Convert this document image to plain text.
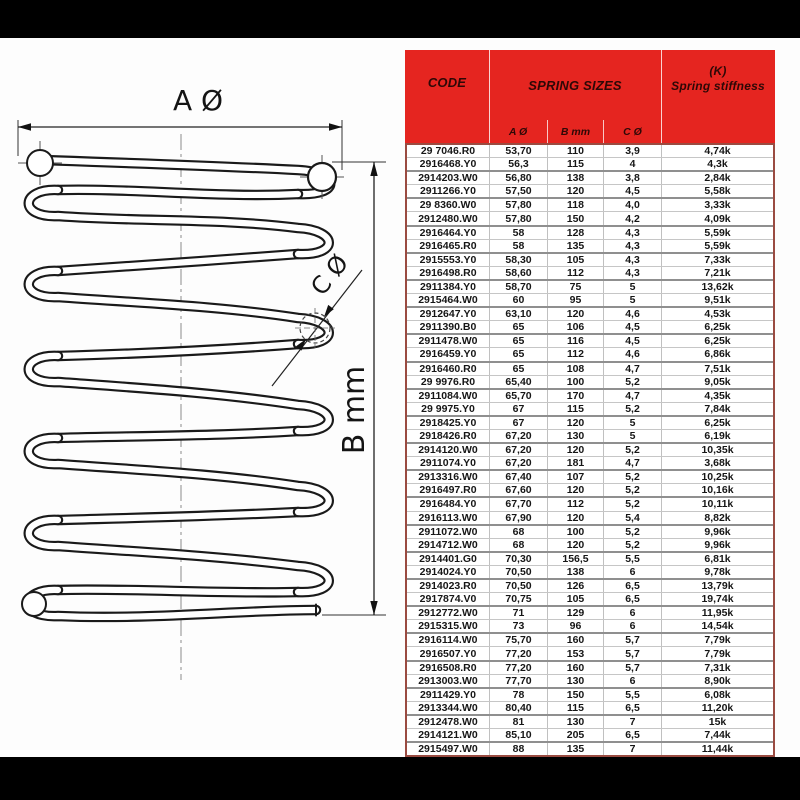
A Ø
C Ø
B mm
CODE	SPRING SIZES
(K)
Spring stiffness
A Ø	B mm	C Ø
29 7046.R0	53,70	110	3,9	4,74k
2916468.Y0	56,3	115	4	4,3k
2914203.W0	56,80	138	3,8	2,84k
2911266.Y0	57,50	120	4,5	5,58k
29 8360.W0	57,80	118	4,0	3,33k
2912480.W0	57,80	150	4,2	4,09k
2916464.Y0	58	128	4,3	5,59k
2916465.R0	58	135	4,3	5,59k
2915553.Y0	58,30	105	4,3	7,33k
2916498.R0	58,60	112	4,3	7,21k
2911384.Y0	58,70	75	5	13,62k
2915464.W0	60	95	5	9,51k
2912647.Y0	63,10	120	4,6	4,53k
2911390.B0	65	106	4,5	6,25k
2911478.W0	65	116	4,5	6,25k
2916459.Y0	65	112	4,6	6,86k
2916460.R0	65	108	4,7	7,51k
29 9976.R0	65,40	100	5,2	9,05k
2911084.W0	65,70	170	4,7	4,35k
29 9975.Y0	67	115	5,2	7,84k
2918425.Y0	67	120	5	6,25k
2918426.R0	67,20	130	5	6,19k
2914120.W0	67,20	120	5,2	10,35k
2911074.Y0	67,20	181	4,7	3,68k
2913316.W0	67,40	107	5,2	10,25k
2916497.R0	67,60	120	5,2	10,16k
2916484.Y0	67,70	112	5,2	10,11k
2916113.W0	67,90	120	5,4	8,82k
2911072.W0	68	100	5,2	9,96k
2914712.W0	68	120	5,2	9,96k
2914401.G0	70,30	156,5	5,5	6,81k
2914024.Y0	70,50	138	6	9,78k
2914023.R0	70,50	126	6,5	13,79k
2917874.V0	70,75	105	6,5	19,74k
2912772.W0	71	129	6	11,95k
2915315.W0	73	96	6	14,54k
2916114.W0	75,70	160	5,7	7,79k
2916507.Y0	77,20	153	5,7	7,79k
2916508.R0	77,20	160	5,7	7,31k
2913003.W0	77,70	130	6	8,90k
2911429.Y0	78	150	5,5	6,08k
2913344.W0	80,40	115	6,5	11,20k
2912478.W0	81	130	7	15k
2914121.W0	85,10	205	6,5	7,44k
2915497.W0	88	135	7	11,44k
